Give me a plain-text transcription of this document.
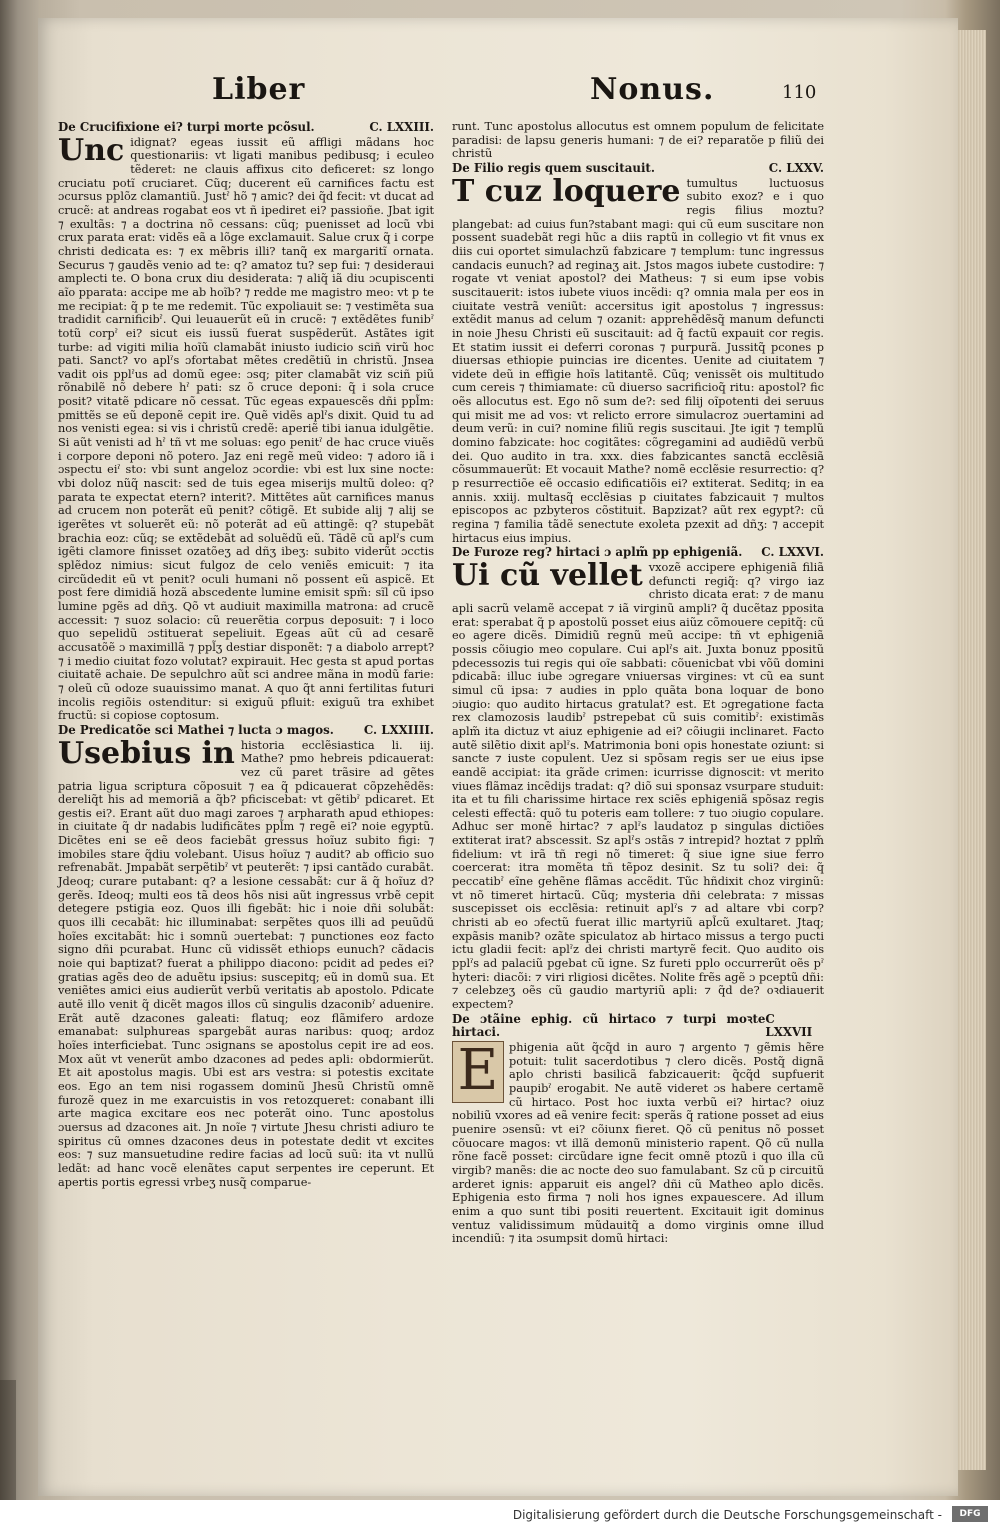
Liber	Nonus.	110
De Crucifixione ei? turpi morte pcõsul.	C. LXXIII.
Unc idignat? egeas iussit eũ affligi mãdans hoc questionariis: vt ligati manibus pedibusq; i eculeo tẽderet: ne clauis affixus cito deficeret: sz longo cruciatu potĩ cruciaret. Cũq; ducerent eũ carnifices factu est ɔcursus pplõz clamantiũ. Justˀ hõ ⁊ amic? dei q̃d fecit: vt ducat ad crucẽ: at andreas rogabat eos vt ñ ipediret ei? passioñe. Jbat igit ⁊ exultãs: ⁊ a doctrina nõ cessans: cũq; puenisset ad locũ vbi crux parata erat: vidẽs eã a lõge exclamauit. Salue crux q̃ i corpe christi dedicata es: ⁊ ex mẽbris illi? tanq̃ ex margaritĩ ornata. Securus ⁊ gaudẽs venio ad te: q? amatoz tu? sep fui: ⁊ desideraui amplecti te. O bona crux diu desiderata: ⁊ aliq̃ iã diu ɔcupiscenti aĩo pparata: accipe me ab hoĩb? ⁊ redde me magistro meo: vt p te me recipiat: q̃ p te me redemit. Tũc expoliauit se: ⁊ vestimẽta sua tradidit carnificibˀ. Qui leuauerũt eũ in crucẽ: ⁊ extẽdẽtes funibˀ totũ corpˀ ei? sicut eis iussũ fuerat suspẽderũt. Astãtes igit turbe: ad vigiti milia hoĩũ clamabãt iniusto iudicio sciñ virũ hoc pati. Sanct? vo aplˀs ɔfortabat mẽtes credẽtiũ in christũ. Jnsea vadit ois pplˀus ad domũ egee: ɔsq; piter clamabãt viz sciñ piũ rõnabilẽ nõ debere hˀ pati: sz õ cruce deponi: q̃ i sola cruce posit? vitatẽ pdicare nõ cessat. Tũc egeas expauescẽs dñi ppl̃m: pmittẽs se eũ deponẽ cepit ire. Quẽ vidẽs aplˀs dixit. Quid tu ad nos venisti egea: si vis i christũ credẽ: aperiẽ tibi ianua idulgẽtie. Si aũt venisti ad hˀ tñ vt me soluas: ego penitˀ de hac cruce viuẽs i corpore deponi nõ potero. Jaz eni regẽ meũ video: ⁊ adoro iã i ɔspectu eiˀ sto: vbi sunt angeloz ɔcordie: vbi est lux sine nocte: vbi doloz nũq̃ nascit: sed de tuis egea miserijs multũ doleo: q? parata te expectat etern? interit?. Mittẽtes aũt carnifices manus ad crucem non poterãt eũ penit? cõtigẽ. Et subide alij ⁊ alij se igerẽtes vt soluerẽt eũ: nõ poterãt ad eũ attingẽ: q? stupebãt brachia eoz: cũq; se extẽdebãt ad soluẽdũ eũ. Tãdẽ cũ aplˀs cum igẽti clamore finisset ozatõeʒ ad dñʒ ibeʒ: subito viderũt ɔcctis splẽdoz nimius: sicut fulgoz de celo veniẽs emicuit: ⁊ ita circũdedit eũ vt penit? oculi humani nõ possent eũ aspicẽ. Et post fere dimidiã hozã abscedente lumine emisit spm̃: sĩl cũ ipso lumine pgẽs ad dñʒ. Qõ vt audiuit maximilla matrona: ad crucẽ accessit: ⁊ suoz solacio: cũ reuerẽtia corpus deposuit: ⁊ i loco quo sepelidũ ɔstituerat sepeliuit. Egeas aũt cũ ad cesarẽ accusatõẽ ɔ maximillã ⁊ ppl̃ʒ destiar disponẽt: ⁊ a diabolo arrept? ⁊ i medio ciuitat fozo volutat? expirauit. Hec gesta st apud portas ciuitatẽ achaie. De sepulchro aũt sci andree mãna in modũ farie: ⁊ oleũ cũ odoze suauissimo manat. A quo q̃t anni fertilitas futuri incolis regiõis ostenditur: si exiguũ pfluit: exiguũ tra exhibet fructũ: si copiose coptosum.

De Predicatõe sci Mathei ⁊ lucta ɔ magos.	C. LXXIIII.
Usebius in historia ecclẽsiastica li. iij. Mathe? pmo hebreis pdicauerat: vez cũ paret trãsire ad gẽtes patria ligua scriptura cõposuit ⁊ ea q̃ pdicauerat cõpzehẽdẽs: dereliq̃t his ad memoriã a q̃b? pficiscebat: vt gẽtibˀ pdicaret. Et gestis ei?. Erant aũt duo magi zaroes ⁊ arpharath apud ethiopes: in ciuitate q̃ dr nadabis ludificãtes ppl̃m ⁊ regẽ ei? noie egyptũ. Dicẽtes eni se eẽ deos faciebãt gressus hoĩuz subito figi: ⁊ imobiles stare q̃diu volebant. Uisus hoĩuz ⁊ audit? ab officio suo refrenabãt. Jmpabãt serpẽtibˀ vt peuterẽt: ⁊ ipsi cantãdo curabãt. Jdeoq; curare putabant: q? a lesione cessabãt: cur ã q̃ hoĩuz d? gerẽs. Ideoq; multi eos tã deos hõs nisi aũt ingressus vrbẽ cepit detegere pstigia eoz. Quos illi figebãt: hic i noie dñi solubãt: quos illi cecabãt: hic illuminabat: serpẽtes quos illi ad peuũdũ hoĩes excitabãt: hic i somnũ ɔuertebat: ⁊ punctiones eoz facto signo dñi pcurabat. Hunc cũ vidissẽt ethiops eunuch? cãdacis noie qui baptizat? fuerat a philippo diacono: pcidit ad pedes ei? gratias agẽs deo de aduẽtu ipsius: suscepitq; eũ in domũ sua. Et veniẽtes amici eius audierũt verbũ veritatis ab apostolo. Pdicate autẽ illo venit q̃ dicẽt magos illos cũ singulis dzaconibˀ aduenire. Erãt autẽ dzacones galeati: flatuq; eoz flãmifero ardoze emanabat: sulphureas spargebãt auras naribus: quoq; ardoz hoĩes interficiebat. Tunc ɔsignans se apostolus cepit ire ad eos. Mox aũt vt venerũt ambo dzacones ad pedes apli: obdormierũt. Et ait apostolus magis. Ubi est ars vestra: si potestis excitate eos. Ego an tem nisi rogassem dominũ Jhesũ Christũ omnẽ furozẽ quez in me exarcuistis in vos retozqueret: conabant illi arte magica excitare eos nec poterãt oino. Tunc apostolus ɔuersus ad dzacones ait. Jn noĩe ⁊ virtute Jhesu christi adiuro te spiritus cũ omnes dzacones deus in potestate dedit vt excites eos: ⁊ suz mansuetudine redire facias ad locũ suũ: ita vt nullũ ledãt: ad hanc vocẽ elenãtes caput serpentes ire ceperunt. Et apertis portis egressi vrbeʒ nusq̃ comparue-

runt. Tunc apostolus allocutus est omnem populum de felicitate paradisi: de lapsu generis humani: ⁊ de ei? reparatõe p filiũ dei christũ

De Filio regis quem suscitauit.	C. LXXV.
T cuz loquere tumultus luctuosus subito exoz? e i quo regis filius moztu? plangebat: ad cuius fun?stabant magi: qui cũ eum suscitare non possent suadebãt regi hũc a diis raptũ in collegio vt fit vnus ex diis cui oportet simulachzũ fabzicare ⁊ templum: tunc ingressus candacis eunuch? ad reginaʒ ait. Jstos magos iubete custodire: ⁊ rogate vt veniat apostol? dei Matheus: ⁊ si eum ipse vobis suscitauerit: istos iubete viuos incẽdi: q? omnia mala per eos in ciuitate vestrã veniũt: accersitus igit apostolus ⁊ ingressus: extẽdit manus ad celum ⁊ ozanit: apprehẽdẽsq̃ manum defuncti in noie Jhesu Christi eũ suscitauit: ad q̃ factũ expauit cor regis. Et statim iussit ei deferri coronas ⁊ purpurã. Jussitq̃ pcones p diuersas ethiopie puincias ire dicentes. Uenite ad ciuitatem ⁊ videte deũ in effigie hoĩs latitantẽ. Cũq; venissẽt ois multitudo cum cereis ⁊ thimiamate: cũ diuerso sacrificioq̃ ritu: apostol? fic oẽs allocutus est. Ego nõ sum de?: sed filij oĩpotenti dei seruus qui misit me ad vos: vt relicto errore simulacroz ɔuertamini ad deum verũ: in cui? nomine filiũ regis suscitaui. Jte igit ⁊ templũ domino fabzicate: hoc cogitãtes: cõgregamini ad audiẽdũ verbũ dei. Quo audito in tra. xxx. dies fabzicantes sanctã ecclẽsiã cõsummauerũt: Et vocauit Mathe? nomẽ ecclẽsie resurrectio: q? p resurrectiõe eẽ occasio edificatiõis ei? extiterat. Seditq; in ea annis. xxiij. multasq̃ ecclẽsias p ciuitates fabzicauit ⁊ multos episcopos ac pzbyteros cõstituit. Bapzizat? aũt rex egypt?: cũ regina ⁊ familia tãdẽ senectute exoleta pzexit ad dñʒ: ⁊ accepit hirtacus eius impius.

De Furoze reg? hirtaci ɔ aplm̃ pp ephigeniã. C. LXXVI.
Ui cũ vellet vxozẽ accipere ephigeniã filiã defuncti regiq̃: q? virgo iaz christo dicata erat: ⁊ de manu apli sacrũ velamẽ accepat ⁊ iã virginũ ampli? q̃ ducẽtaz pposita erat: sperabat q̃ p apostolũ posset eius aiũz cõmouere cepitq̃: cũ eo agere dicẽs. Dimidiũ regnũ meũ accipe: tñ vt ephigeniã possis cõiugio meo copulare. Cui aplˀs ait. Juxta bonuz ppositũ pdecessozis tui regis qui oĩe sabbati: cõuenicbat vbi võũ domini pdicabã: illuc iube ɔgregare vniuersas virgines: vt cũ ea sunt simul cũ ipsa: ⁊ audies in pplo quãta bona loquar de bono ɔiugio: quo audito hirtacus gratulat? est. Et ɔgregatione facta rex clamozosis laudibˀ pstrepebat cũ suis comitibˀ: existimãs aplm̃ ita dictuz vt aiuz ephigenie ad ei? cõiugii inclinaret. Facto autẽ silẽtio dixit aplˀs. Matrimonia boni opis honestate oziunt: si sancte ⁊ iuste copulent. Uez si spõsam regis ser ue eius ipse eandẽ accipiat: ita grãde crimen: icurrisse dignoscit: vt merito viues flãmaz incẽdijs tradat: q? diõ sui sponsaz vsurpare studuit: ita et tu fili charissime hirtace rex sciẽs ephigeniã spõsaz regis celesti effectã: quõ tu poteris eam tollere: ⁊ tuo ɔiugio copulare. Adhuc ser monẽ hirtac? ⁊ aplˀs laudatoz p singulas dictiões extiterat irat? abscessit. Sz aplˀs ɔstãs ⁊ intrepid? hoztat ⁊ pplm̃ fidelium: vt irã tñ regi nõ timeret: q̃ siue igne siue ferro coercerat: itra momẽta tñ tẽpoz desinit. Sz tu soli? dei: q̃ peccatibˀ eĩne gehẽne flãmas accẽdit. Tũc hñdixit choz virginũ: vt nõ timeret hirtacũ. Cũq; mysteria dñi celebrata: ⁊ missas suscepisset ois ecclẽsia: retinuit aplˀs ⁊ ad altare vbi corp? christi ab eo ɔfectũ fuerat illic martyriũ apl̃cũ exultaret. Jtaq; expãsis manib? ozãte spiculatoz ab hirtaco missus a tergo pucti ictu gladii fecit: aplˀz dei christi martyrẽ fecit. Quo audito ois pplˀs ad palaciũ pgebat cũ igne. Sz fureti pplo occurrerũt oẽs pˀ hyteri: diacõi: ⁊ viri rligiosi dicẽtes. Nolite frẽs agẽ ɔ pceptũ dñi: ⁊ celebzeʒ oẽs cũ gaudio martyriũ apli: ⁊ q̃d de? oꝛdiauerit expectem?

De ɔtãine ephig. cũ hirtaco ⁊ turpi moꝛte hirtaci.
C LXXVII
E phigenia aũt q̃cq̃d in auro ⁊ argento ⁊ gẽmis hẽre potuit: tulit sacerdotibus ⁊ clero dicẽs. Postq̃ dignã aplo christi basilicã fabzicauerit: q̃cq̃d supfuerit paupibˀ erogabit. Ne autẽ videret ɔs habere certamẽ cũ hirtaco. Post hoc iuxta verbũ ei? hirtac? oiuz nobiliũ vxores ad eã venire fecit: sperãs q̃ ratione posset ad eius puenire ɔsensũ: vt ei? cõiunx fieret. Qõ cũ penitus nõ posset cõuocare magos: vt illã demonũ ministerio rapent. Qõ cũ nulla rõne facẽ posset: circũdare igne fecit omnẽ ptozũ i quo illa cũ virgib? manẽs: die ac nocte deo suo famulabant. Sz cũ p circuitũ arderet ignis: apparuit eis angel? dñi cũ Matheo aplo dicẽs. Ephigenia esto firma ⁊ noli hos ignes expauescere. Ad illum enim a quo sunt tibi positi reuertent. Excitauit igit dominus ventuz validissimum mũdauitq̃ a domo virginis omne illud incendiũ: ⁊ ita ɔsumpsit domũ hirtaci:

Digitalisierung gefördert durch die Deutsche Forschungsgemeinschaft -	DFG
